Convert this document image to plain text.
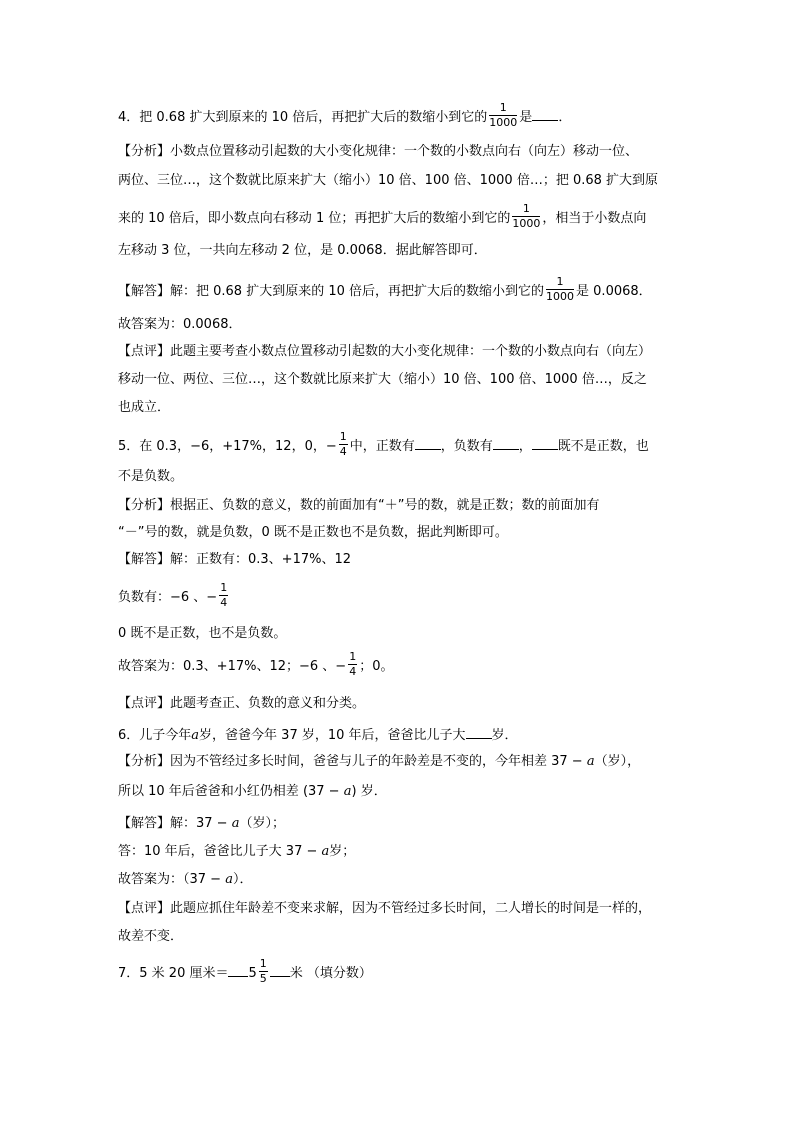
4．把 0.68 扩大到原来的 10 倍后，再把扩大后的数缩小到它的 $\frac{1}{1000}$ 是 ．
【分析】小数点位置移动引起数的大小变化规律：一个数的小数点向右（向左）移动一位、
两位、三位…，这个数就比原来扩大（缩小）10 倍、100 倍、1000 倍…；把 0.68 扩大到原
来的 10 倍后，即小数点向右移动 1 位；再把扩大后的数缩小到它的 $\frac{1}{1000}$ ，相当于小数点向
左移动 3 位，一共向左移动 2 位，是 0.0068．据此解答即可．
【解答】解：把 0.68 扩大到原来的 10 倍后，再把扩大后的数缩小到它的 $\frac{1}{1000}$ 是 0.0068．
故答案为：0.0068．
【点评】此题主要考查小数点位置移动引起数的大小变化规律：一个数的小数点向右（向左）
移动一位、两位、三位…，这个数就比原来扩大（缩小）10 倍、100 倍、1000 倍…，反之
也成立．
5．在 0.3，−6，+17%，12，0，− $\frac{1}{4}$ 中，正数有 ，负数有 ， 既不是正数，也
不是负数。
【分析】根据正、负数的意义，数的前面加有“＋”号的数，就是正数；数的前面加有
“－”号的数，就是负数，0 既不是正数也不是负数，据此判断即可。
【解答】解：正数有：0.3、+17%、12
负数有：−6 、− $\frac{1}{4}$
0 既不是正数，也不是负数。
故答案为：0.3、+17%、12；−6 、− $\frac{1}{4}$ ；0。
【点评】此题考查正、负数的意义和分类。
6．儿子今年a岁，爸爸今年 37 岁，10 年后，爸爸比儿子大 岁．
【分析】因为不管经过多长时间，爸爸与儿子的年龄差是不变的，今年相差 37 − a（岁），
所以 10 年后爸爸和小红仍相差 (37 − a) 岁．
【解答】解：37 − a（岁）；
答：10 年后，爸爸比儿子大 37 − a岁；
故答案为：（37 − a）．
【点评】此题应抓住年龄差不变来求解，因为不管经过多长时间，二人增长的时间是一样的，
故差不变．
7．5 米 20 厘米＝ $5 \frac{1}{5}$ 米 （填分数）
